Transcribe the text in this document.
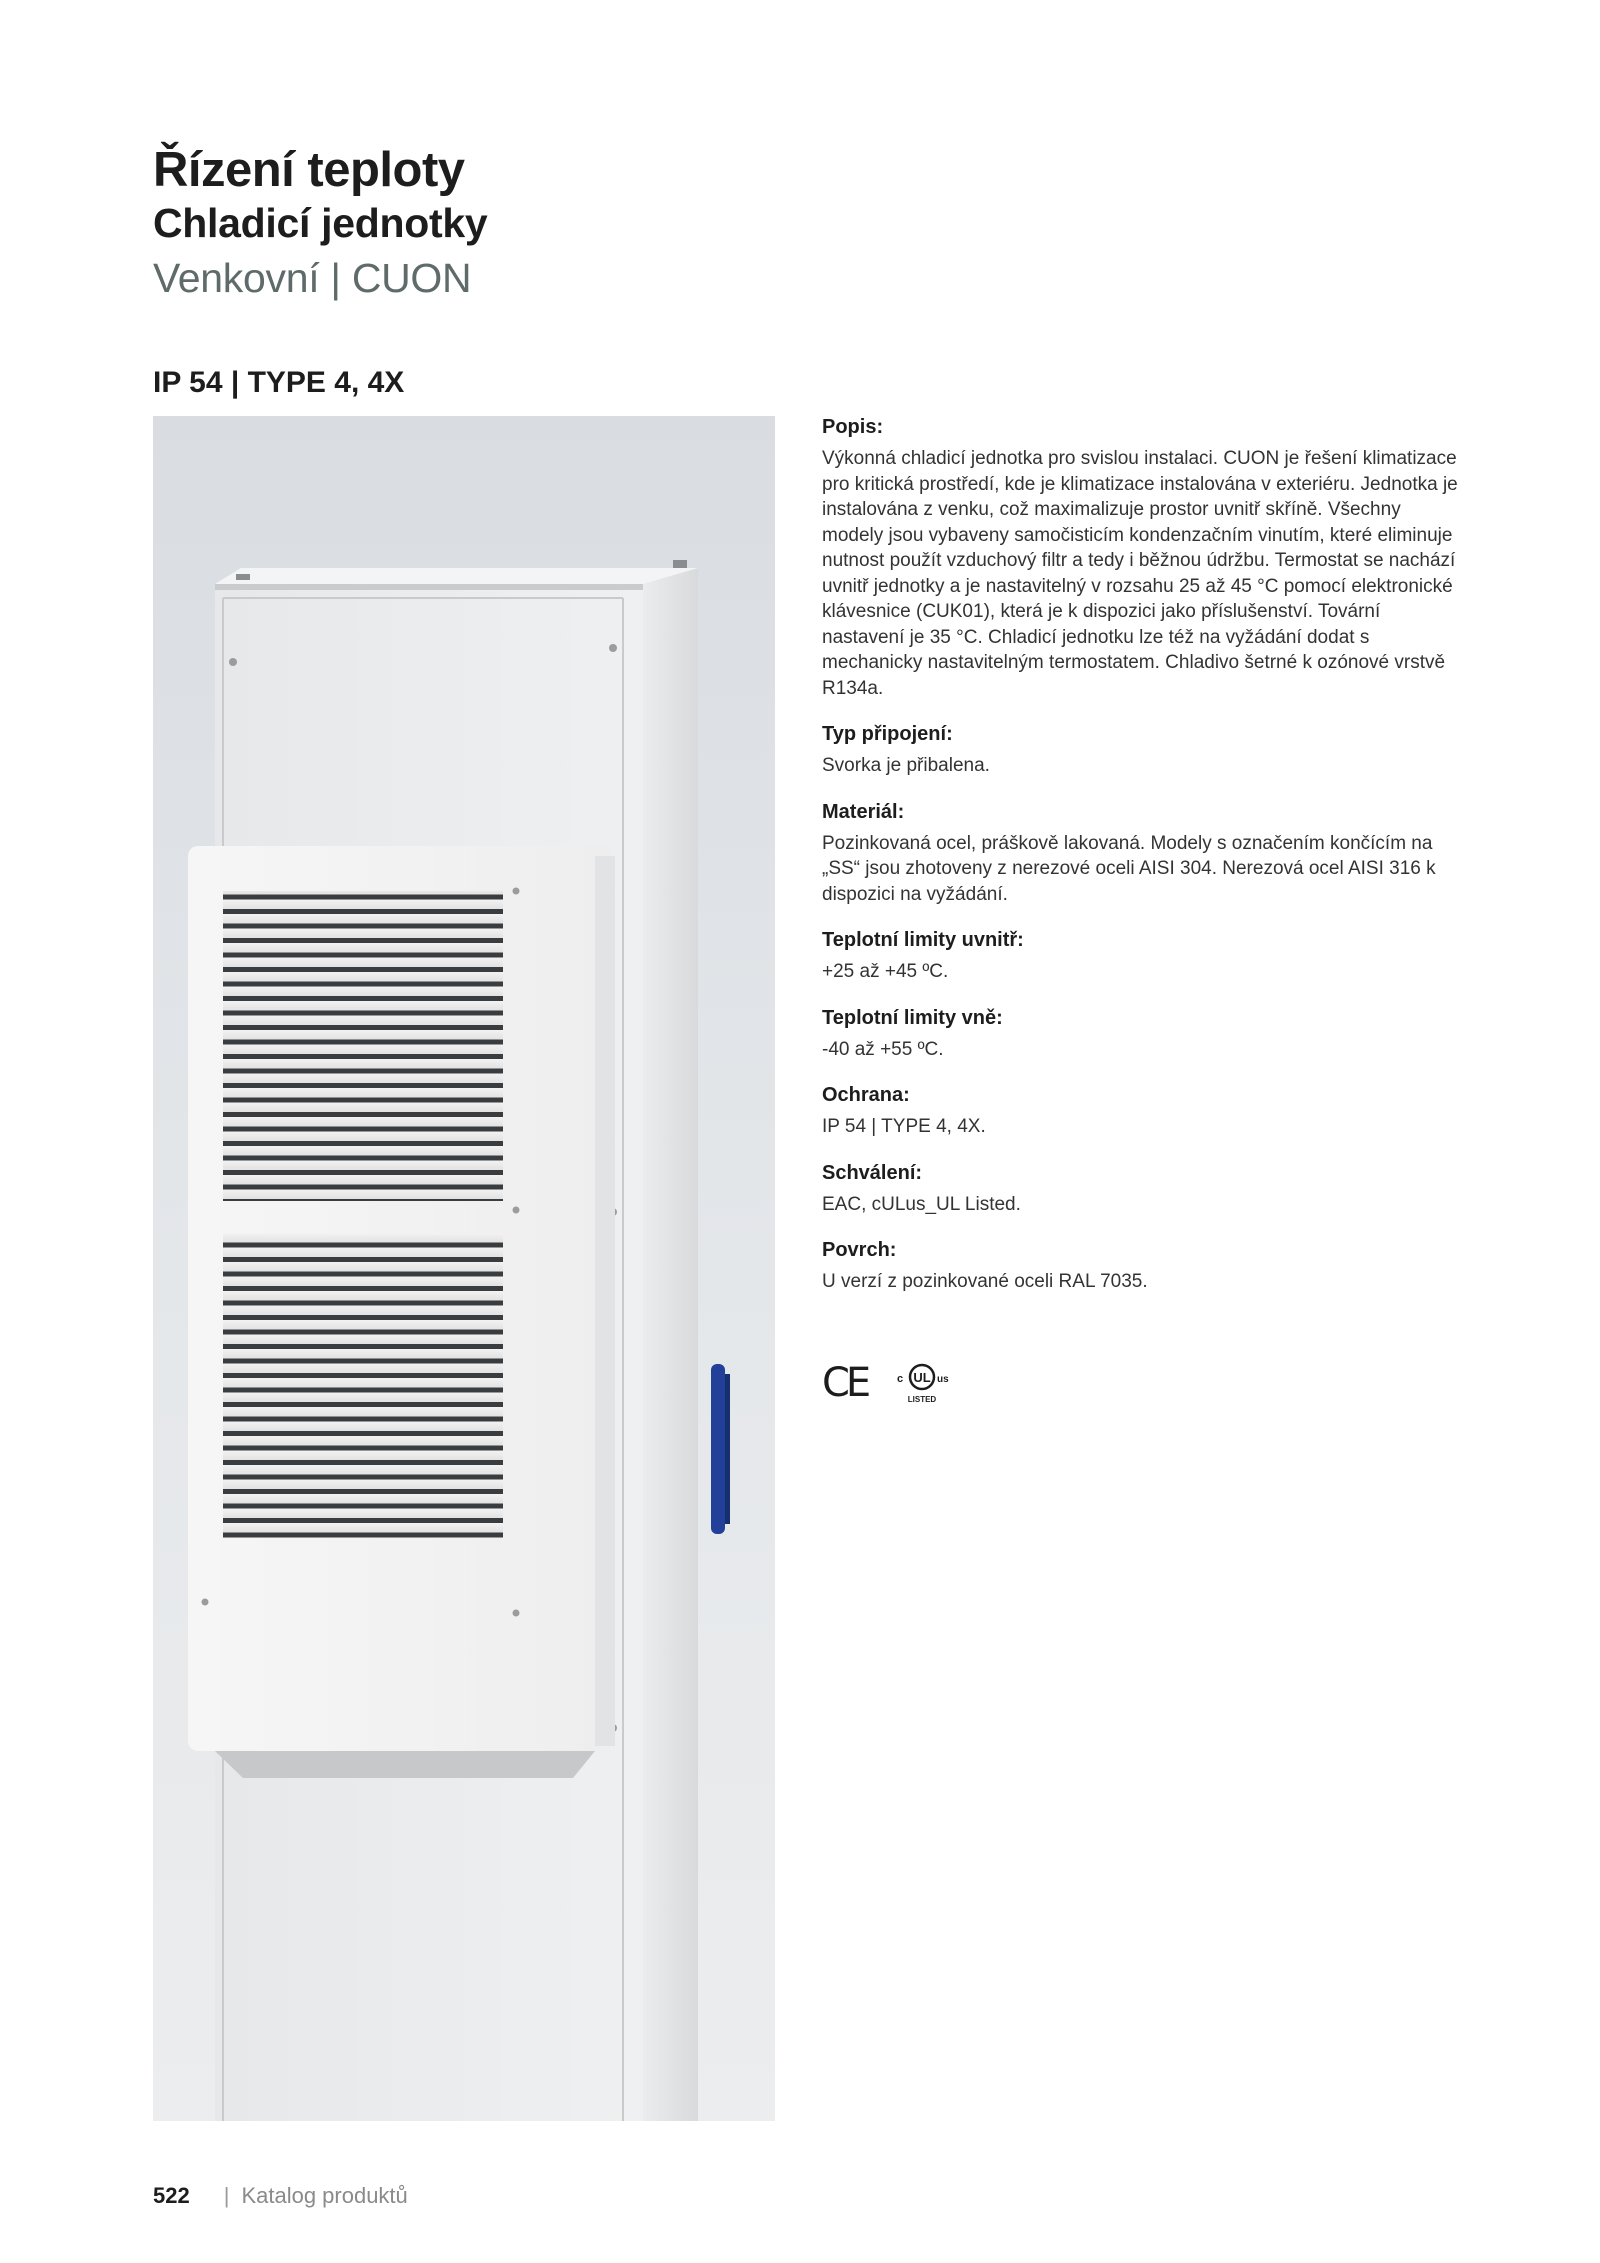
Řízení teploty
Chladicí jednotky
Venkovní | CUON
IP 54 | TYPE 4, 4X
Popis:
Výkonná chladicí jednotka pro svislou instalaci. CUON je řešení klimatizace pro kritická prostředí, kde je klimatizace instalována v exteriéru. Jednotka je instalována z venku, což maximalizuje prostor uvnitř skříně. Všechny modely jsou vybaveny samočisticím kondenzačním vinutím, které eliminuje nutnost použít vzduchový filtr a tedy i běžnou údržbu. Termostat se nachází uvnitř jednotky a je nastavitelný v rozsahu 25 až 45 °C pomocí elektronické klávesnice (CUK01), která je k dispozici jako příslušenství. Tovární nastavení je 35 °C. Chladicí jednotku lze též na vyžádání dodat s mechanicky nastavitelným termostatem. Chladivo šetrné k ozónové vrstvě R134a.
Typ připojení:
Svorka je přibalena.
Materiál:
Pozinkovaná ocel, práškově lakovaná. Modely s označením končícím na „SS“ jsou zhotoveny z nerezové oceli AISI 304. Nerezová ocel AISI 316 k dispozici na vyžádání.
Teplotní limity uvnitř:
+25 až +45 ºC.
Teplotní limity vně:
-40 až +55 ºC.
Ochrana:
IP 54 | TYPE 4, 4X.
Schválení:
EAC, cULus_UL Listed.
Povrch:
U verzí z pozinkované oceli RAL 7035.
CE	c UL us
LISTED
522 | Katalog produktů
